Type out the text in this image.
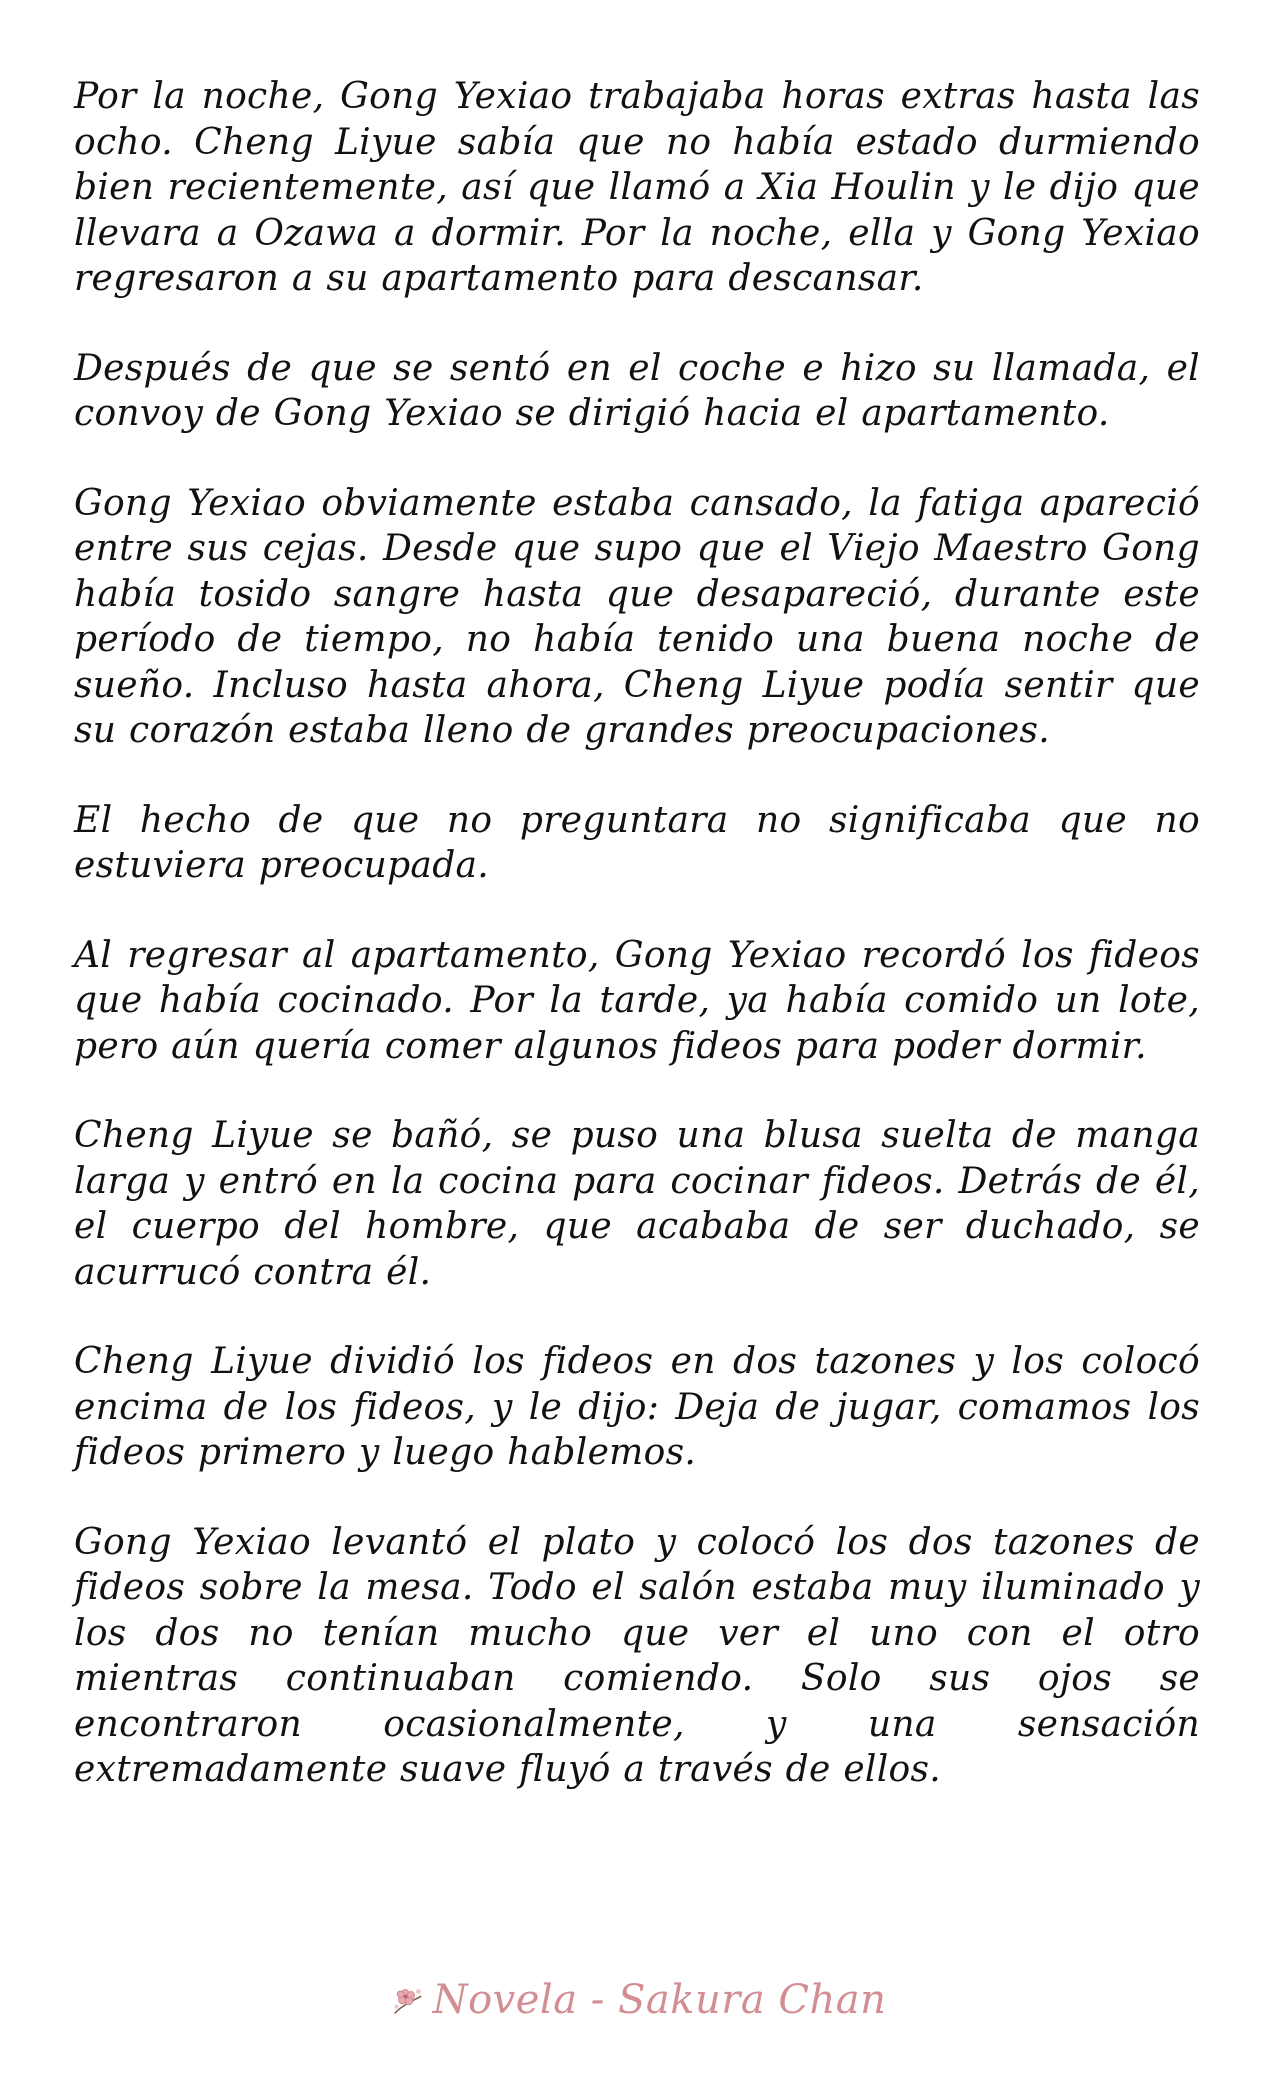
Por la noche, Gong Yexiao trabajaba horas extras hasta las ocho. Cheng Liyue sabía que no había estado durmiendo bien recientemente, así que llamó a Xia Houlin y le dijo que llevara a Ozawa a dormir. Por la noche, ella y Gong Yexiao regresaron a su apartamento para descansar.

Después de que se sentó en el coche e hizo su llamada, el convoy de Gong Yexiao se dirigió hacia el apartamento.

Gong Yexiao obviamente estaba cansado, la fatiga apareció entre sus cejas. Desde que supo que el Viejo Maestro Gong había tosido sangre hasta que desapareció, durante este período de tiempo, no había tenido una buena noche de sueño. Incluso hasta ahora, Cheng Liyue podía sentir que su corazón estaba lleno de grandes preocupaciones.

El hecho de que no preguntara no significaba que no estuviera preocupada.

Al regresar al apartamento, Gong Yexiao recordó los fideos que había cocinado. Por la tarde, ya había comido un lote, pero aún quería comer algunos fideos para poder dormir.

Cheng Liyue se bañó, se puso una blusa suelta de manga larga y entró en la cocina para cocinar fideos. Detrás de él, el cuerpo del hombre, que acababa de ser duchado, se acurrucó contra él.

Cheng Liyue dividió los fideos en dos tazones y los colocó encima de los fideos, y le dijo: Deja de jugar, comamos los fideos primero y luego hablemos.

Gong Yexiao levantó el plato y colocó los dos tazones de fideos sobre la mesa. Todo el salón estaba muy iluminado y los dos no tenían mucho que ver el uno con el otro mientras continuaban comiendo. Solo sus ojos se encontraron ocasionalmente, y una sensación extremadamente suave fluyó a través de ellos.

Novela - Sakura Chan
